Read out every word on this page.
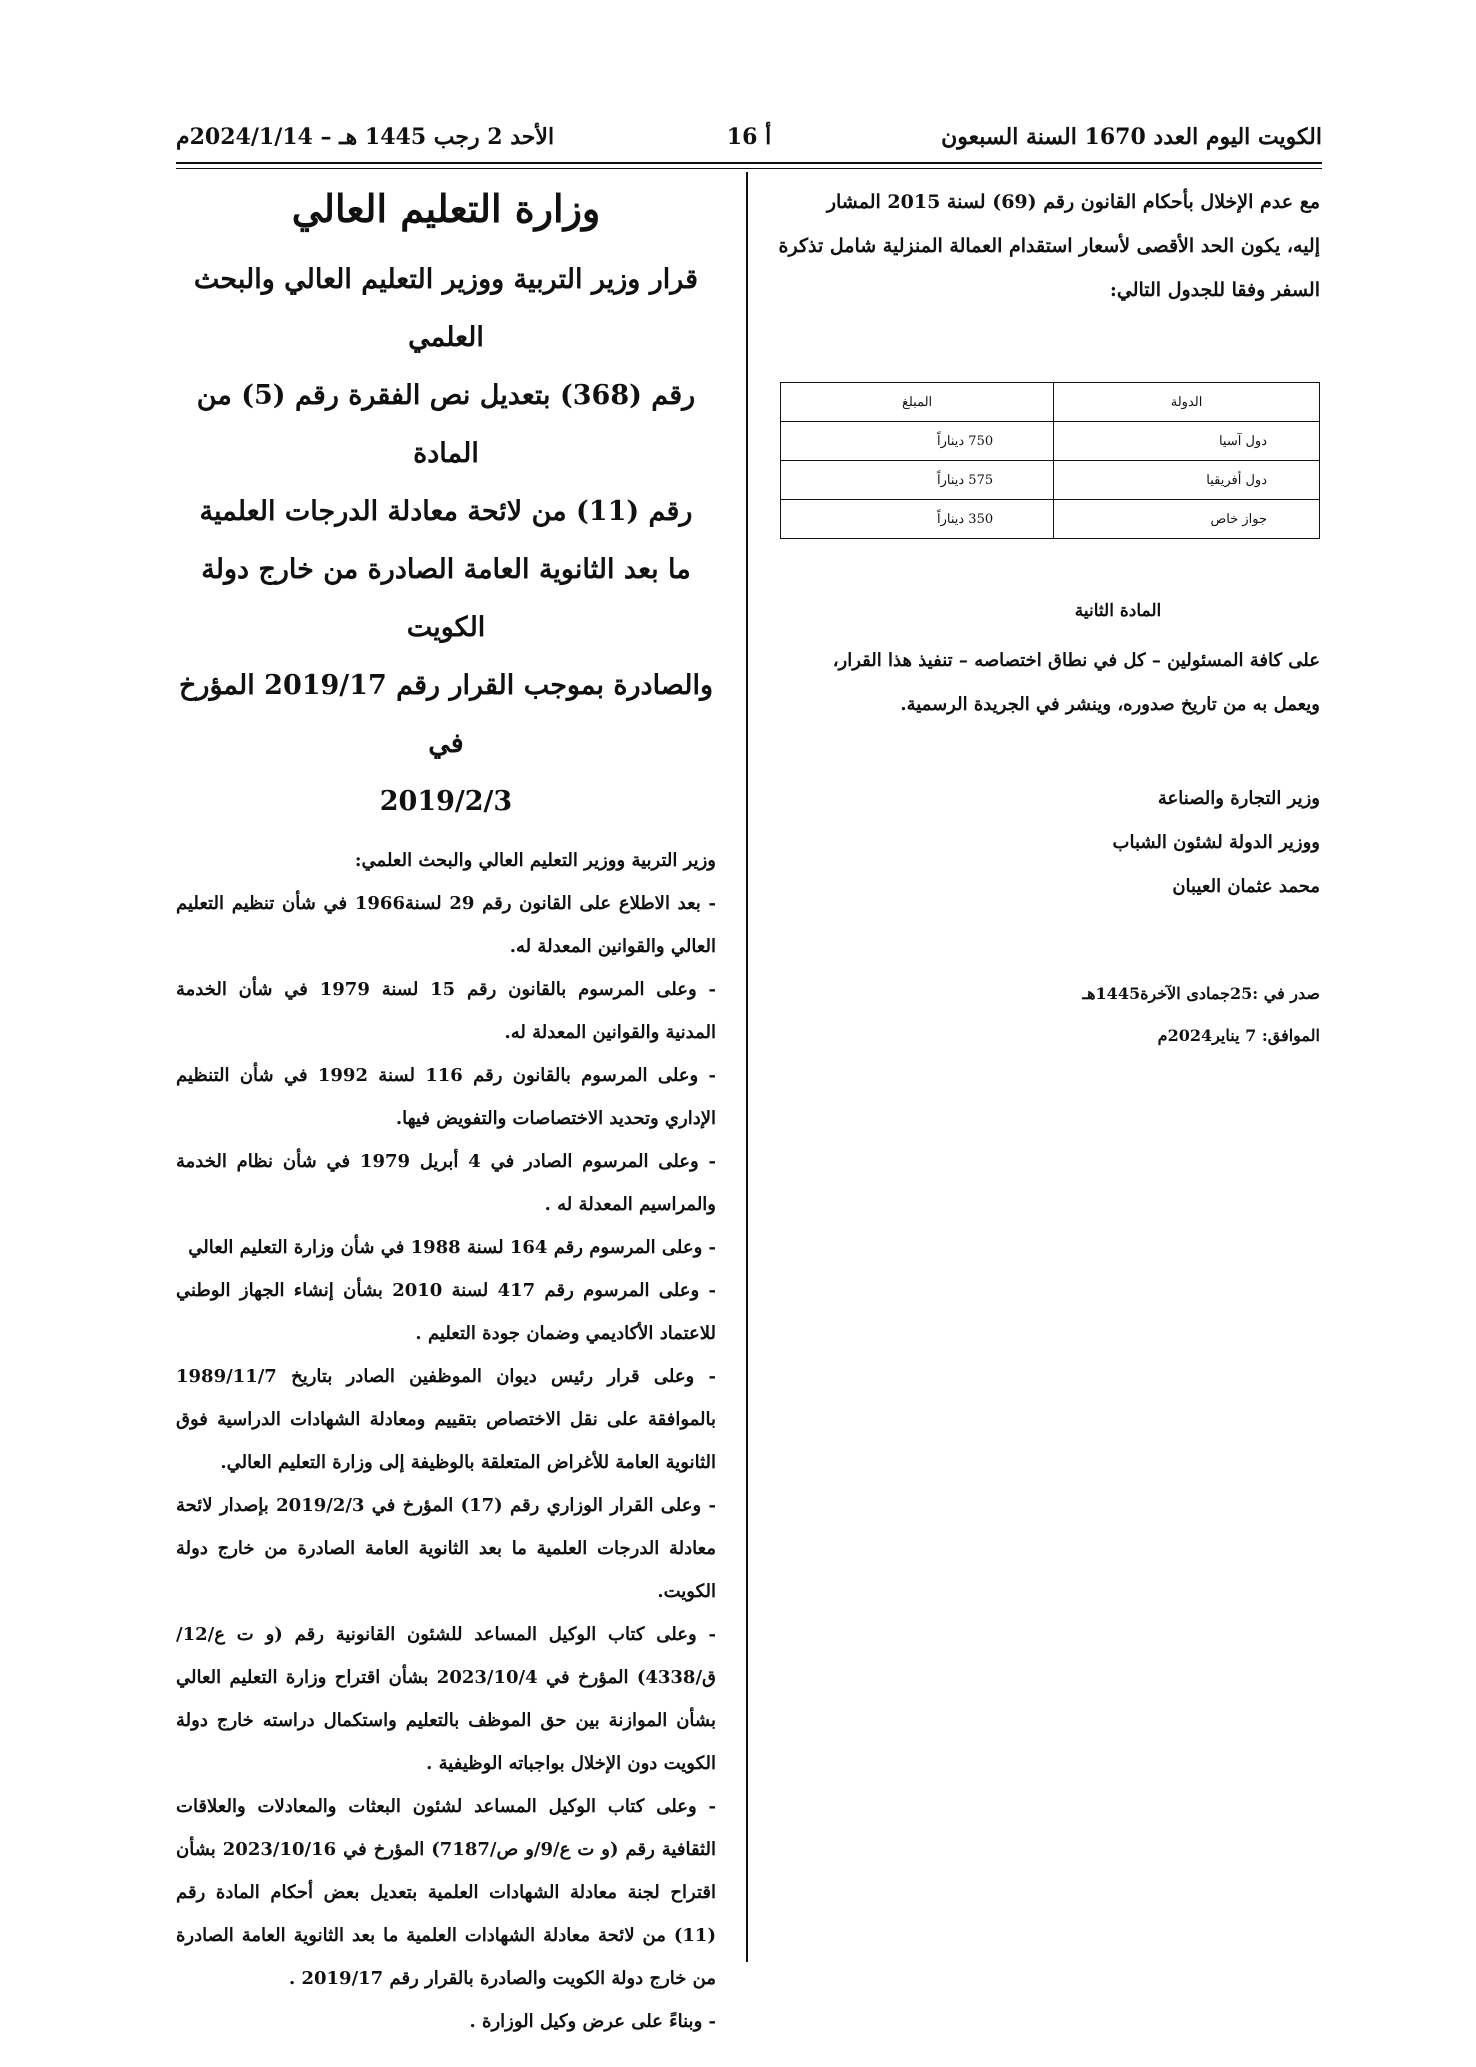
الكويت اليوم العدد 1670 السنة السبعون
أ 16
الأحد 2 رجب 1445 هـ – 2024/1/14م

مع عدم الإخلال بأحكام القانون رقم (69) لسنة 2015 المشار

إليه، يكون الحد الأقصى لأسعار استقدام العمالة المنزلية شامل تذكرة

السفر وفقا للجدول التالي:

الدولة	المبلغ
دول آسيا	750 ديناراً
دول أفريقيا	575 ديناراً
جواز خاص	350 ديناراً
المادة الثانية
على كافة المسئولين – كل في نطاق اختصاصه – تنفيذ هذا القرار،
ويعمل به من تاريخ صدوره، وينشر في الجريدة الرسمية.
وزير التجارة والصناعة
ووزير الدولة لشئون الشباب
محمد عثمان العيبان
صدر في :25جمادى الآخرة1445هـ
الموافق: 7 يناير2024م
وزارة التعليم العالي

قرار وزير التربية ووزير التعليم العالي والبحث العلمي

رقم (368) بتعديل نص الفقرة رقم (5) من المادة

رقم (11) من لائحة معادلة الدرجات العلمية

ما بعد الثانوية العامة الصادرة من خارج دولة الكويت

والصادرة بموجب القرار رقم 2019/17 المؤرخ في

2019/2/3

وزير التربية ووزير التعليم العالي والبحث العلمي:

- بعد الاطلاع على القانون رقم 29 لسنة1966 في شأن تنظيم التعليم العالي والقوانين المعدلة له.

- وعلى المرسوم بالقانون رقم 15 لسنة 1979 في شأن الخدمة المدنية والقوانين المعدلة له.

- وعلى المرسوم بالقانون رقم 116 لسنة 1992 في شأن التنظيم الإداري وتحديد الاختصاصات والتفويض فيها.

- وعلى المرسوم الصادر في 4 أبريل 1979 في شأن نظام الخدمة والمراسيم المعدلة له .

- وعلى المرسوم رقم 164 لسنة 1988 في شأن وزارة التعليم العالي

- وعلى المرسوم رقم 417 لسنة 2010 بشأن إنشاء الجهاز الوطني للاعتماد الأكاديمي وضمان جودة التعليم .

- وعلى قرار رئيس ديوان الموظفين الصادر بتاريخ 1989/11/7 بالموافقة على نقل الاختصاص بتقييم ومعادلة الشهادات الدراسية فوق الثانوية العامة للأغراض المتعلقة بالوظيفة إلى وزارة التعليم العالي.

- وعلى القرار الوزاري رقم (17) المؤرخ في 2019/2/3 بإصدار لائحة معادلة الدرجات العلمية ما بعد الثانوية العامة الصادرة من خارج دولة الكويت.

- وعلى كتاب الوكيل المساعد للشئون القانونية رقم (و ت ع/12/ق/4338) المؤرخ في 2023/10/4 بشأن اقتراح وزارة التعليم العالي بشأن الموازنة بين حق الموظف بالتعليم واستكمال دراسته خارج دولة الكويت دون الإخلال بواجباته الوظيفية .

- وعلى كتاب الوكيل المساعد لشئون البعثات والمعادلات والعلاقات الثقافية رقم (و ت ع/9/و ص/7187) المؤرخ في 2023/10/16 بشأن اقتراح لجنة معادلة الشهادات العلمية بتعديل بعض أحكام المادة رقم (11) من لائحة معادلة الشهادات العلمية ما بعد الثانوية العامة الصادرة من خارج دولة الكويت والصادرة بالقرار رقم 2019/17 .

- وبناءً على عرض وكيل الوزارة .
